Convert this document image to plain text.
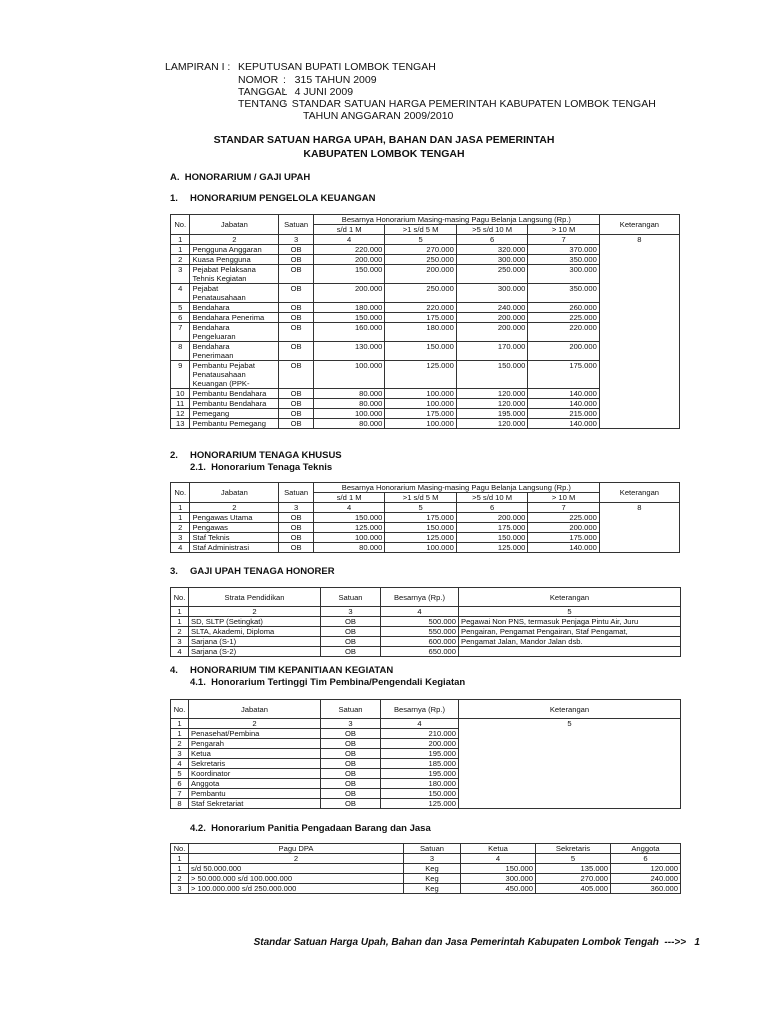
LAMPIRAN I : KEPUTUSAN BUPATI LOMBOK TENGAH
NOMOR :   315 TAHUN 2009
TANGGAL
:   4 JUNI 2009
TENTANG
:  STANDAR SATUAN HARGA PEMERINTAH KABUPATEN LOMBOK TENGAH
TAHUN ANGGARAN 2009/2010
STANDAR SATUAN HARGA UPAH, BAHAN DAN JASA PEMERINTAH
KABUPATEN LOMBOK TENGAH
A.  HONORARIUM / GAJI UPAH
1. HONORARIUM PENGELOLA KEUANGAN
No.	Jabatan	Satuan	Besarnya Honorarium Masing-masing Pagu Belanja Langsung (Rp.)				Keterangan
			s/d 1 M	>1 s/d 5 M	>5 s/d 10 M	> 10 M	
1	2	3	4	5	6	7	8
1	Pengguna Anggaran	OB	220.000	270.000	320.000	370.000	
2	Kuasa Pengguna	OB	200.000	250.000	300.000	350.000	
3	Pejabat Pelaksana
Tehnis Kegiatan	OB	150.000	200.000	250.000	300.000	
4	Pejabat
Penatausahaan	OB	200.000	250.000	300.000	350.000	
5	Bendahara	OB	180.000	220.000	240.000	260.000	
6	Bendahara Penerima	OB	150.000	175.000	200.000	225.000	
7	Bendahara
Pengeluaran	OB	160.000	180.000	200.000	220.000	
8	Bendahara
Penerimaan	OB	130.000	150.000	170.000	200.000	
9	Pembantu Pejabat
Penatausahaan
Keuangan (PPK-	OB	100.000	125.000	150.000	175.000	
10	Pembantu Bendahara	OB	80.000	100.000	120.000	140.000	
11	Pembantu Bendahara	OB	80.000	100.000	120.000	140.000	
12	Pemegang	OB	100.000	175.000	195.000	215.000	
13	Pembantu Pemegang	OB	80.000	100.000	120.000	140.000	
2. HONORARIUM TENAGA KHUSUS
2.1.  Honorarium Tenaga Teknis
No.	Jabatan	Satuan	Besarnya Honorarium Masing-masing Pagu Belanja Langsung (Rp.)				Keterangan
			s/d 1 M	>1 s/d 5 M	>5 s/d 10 M	> 10 M	
1	2	3	4	5	6	7	8
1	Pengawas Utama	OB	150.000	175.000	200.000	225.000	
2	Pengawas	OB	125.000	150.000	175.000	200.000	
3	Staf Teknis	OB	100.000	125.000	150.000	175.000	
4	Staf Administrasi	OB	80.000	100.000	125.000	140.000	
3. GAJI UPAH TENAGA HONORER
No.	Strata Pendidikan	Satuan	Besarnya (Rp.)	Keterangan
1	2	3	4	5
1	SD, SLTP (Setingkat)	OB	500.000	Pegawai Non PNS, termasuk Penjaga Pintu Air, Juru
2	SLTA, Akademi, Diploma	OB	550.000	Pengairan, Pengamat Pengairan, Staf Pengamat,
3	Sarjana (S-1)	OB	600.000	Pengamat Jalan, Mandor Jalan dsb.
4	Sarjana (S-2)	OB	650.000	
4. HONORARIUM TIM KEPANITIAAN KEGIATAN
4.1.  Honorarium Tertinggi Tim Pembina/Pengendali Kegiatan
No.	Jabatan	Satuan	Besarnya (Rp.)	Keterangan
1	2	3	4	5
1	Penasehat/Pembina	OB	210.000	
2	Pengarah	OB	200.000	
3	Ketua	OB	195.000	
4	Sekretaris	OB	185.000	
5	Koordinator	OB	195.000	
6	Anggota	OB	180.000	
7	Pembantu	OB	150.000	
8	Staf Sekretariat	OB	125.000	
4.2.  Honorarium Panitia Pengadaan Barang dan Jasa
No.	Pagu DPA	Satuan	Ketua	Sekretaris	Anggota
1	2	3	4	5	6
1	s/d 50.000.000	Keg	150.000	135.000	120.000
2	> 50.000.000 s/d 100.000.000	Keg	300.000	270.000	240.000
3	> 100.000.000 s/d 250.000.000	Keg	450.000	405.000	360.000
Standar Satuan Harga Upah, Bahan dan Jasa Pemerintah Kabupaten Lombok Tengah  --->>   1
